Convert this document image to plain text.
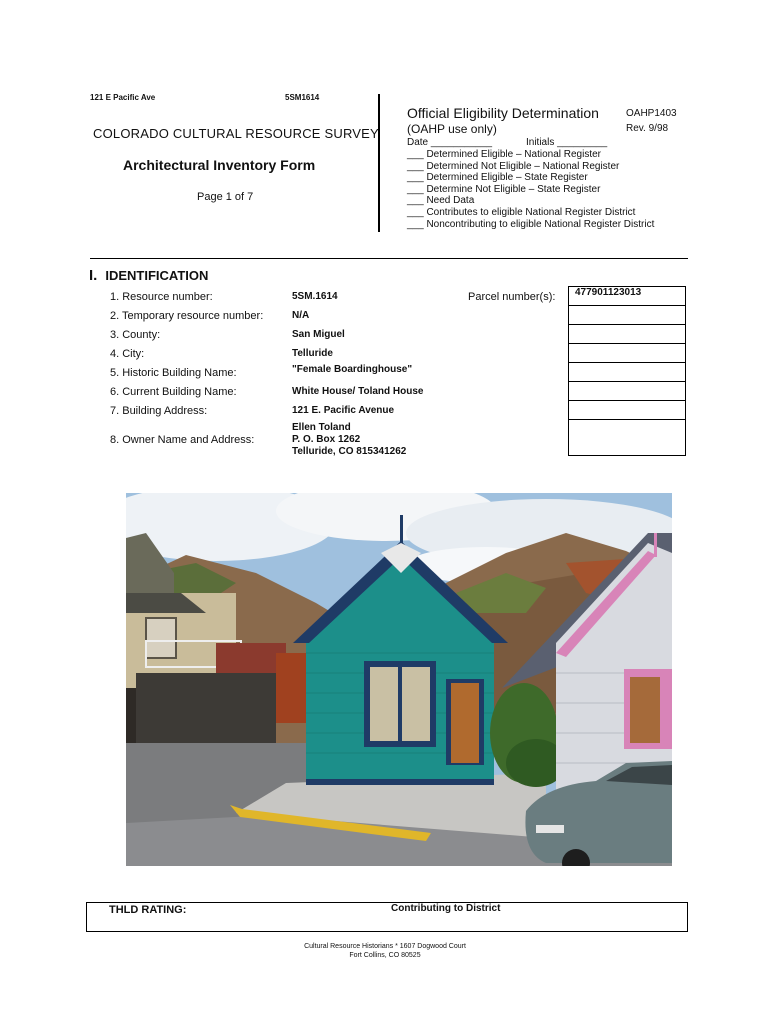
121 E Pacific Ave	5SM1614
COLORADO CULTURAL RESOURCE SURVEY
Architectural Inventory Form
Page 1 of 7
Official Eligibility Determination	OAHP1403
(OAHP use only)	Rev. 9/98
Date ___________	Initials _________
___ Determined Eligible – National Register
___ Determined Not Eligible – National Register
___ Determined Eligible – State Register
___ Determine Not Eligible – State Register
___ Need Data
___ Contributes to eligible National Register District
___ Noncontributing to eligible National Register District
I. IDENTIFICATION
1. Resource number:	5SM.1614
2. Temporary resource number:	N/A
3. County:	San Miguel
4. City:	Telluride
5. Historic Building Name:	"Female Boardinghouse"
6. Current Building Name:	White House/ Toland House
7. Building Address:	121 E. Pacific Avenue
8. Owner Name and Address:
Ellen Toland
P. O. Box 1262
Telluride, CO 815341262
Parcel number(s): 477901123013

THLD RATING:	Contributing to District
Cultural Resource Historians * 1607 Dogwood Court
Fort Collins, CO 80525
